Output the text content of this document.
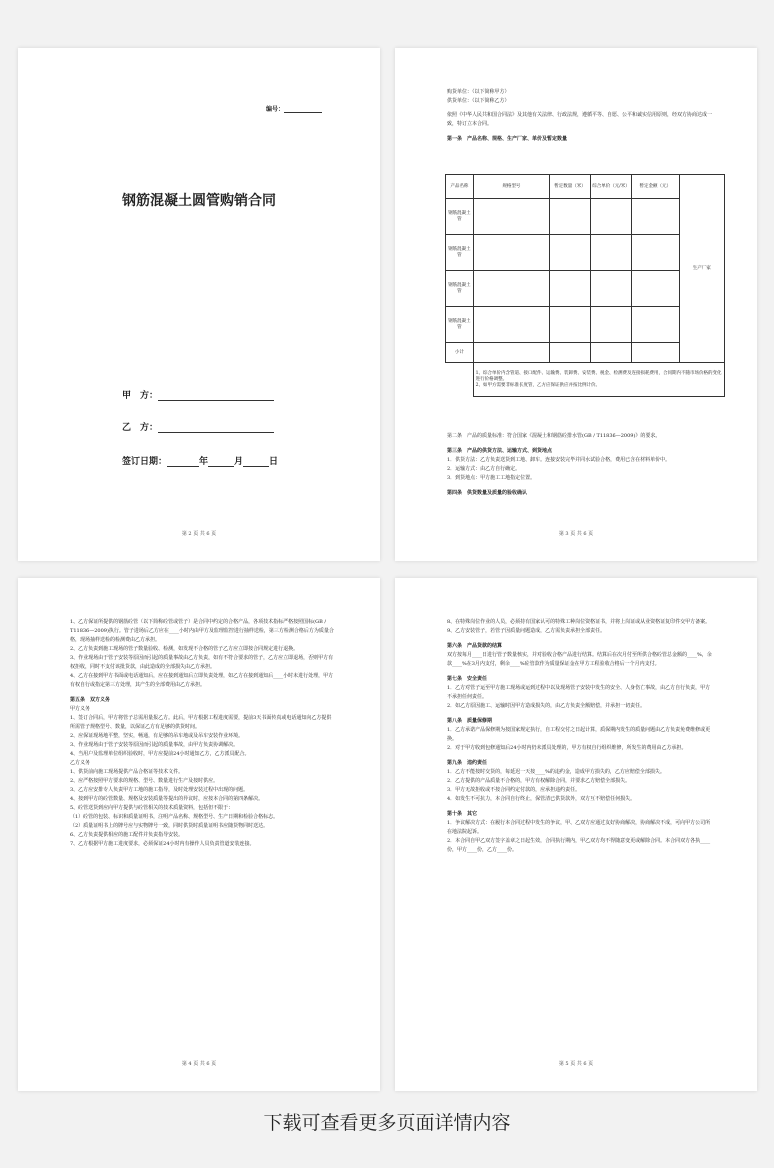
编号：
钢筋混凝土圆管购销合同
甲　方：
乙　方：
签订日期：	年	月	日
第 2 页 共 6 页

购货单位：（以下简称甲方）

供货单位：（以下简称乙方）

依照《中华人民共和国合同法》及其他有关法律、行政法规，遵循平等、自愿、公平和诚实信用原则，经双方协商达成一致，特订立本合同。

第一条　产品名称、规格、生产厂家、单价及暂定数量

产品名称	规格型号	暂定数量（米）	综合单价（元/米）	暂定金额（元）	生产厂家
钢筋混凝土管					
钢筋混凝土管					
钢筋混凝土管					
钢筋混凝土管					
小计					

	1、综合单价内含管道、接口配件、运输费、装卸费、安装费、税金、检测费及连接损耗费用，合同期内不随市场价格的变化进行价格调整。
2、如甲方需要非标准长度管，乙方应保证供应并按比例计价。				

第二条　产品的质量标准：符合国家《混凝土和钢筋砼排水管(GB / T11836—2009)》的要求。

第三条　产品的供货方法、运输方式、到货地点

1．供货方法：乙方负责送货到工地、卸车。连接安装完毕并同水试验合格，费用已含在材料单价中。

2．运输方式：由乙方自行确定。

3．到货地点：甲方施工工地指定位置。

第四条　供货数量及质量的验收确认

第 3 页 共 6 页

1、乙方保证所提供的钢筋砼管（以下简称砼管或管子）是合同中约定的合格产品，各项技术指标严格按照国标(GB / T11836—2009)执行。管子进场后乙方应在____小时内由甲方及监理监控进行抽样送检，第三方检测合格后方为质量合格，现场抽样送检的检测费由乙方承担。

2、乙方负责到施工现场的管子数量验收、检测，如发现不合格的管子乙方应立即按合同规定进行退换。

3、作业现场由于管子安装等原因而引起的质量事故由乙方负责，如有不符合要求的管子，乙方应立即退场，否则甲方有权拒收，同时不支付该批货款，由此造成的全部损失由乙方承担。

4、乙方在接到甲方书面或电话通知后，应在接到通知后立即负责处理，如乙方在接到通知后____小时未进行处理，甲方有权自行或指定第三方处理，其产生的全部费用由乙方承担。

第五条　双方义务

甲方义务

1、签订合同后，甲方将管子总需用量报乙方。此后，甲方根据工程进度需要，提前3天书面传真或电话通知向乙方提供所需管子规格型号、数量，以保证乙方有足够的供货时间。

2、应保证现场地平整，坚实，畅通，有足够的吊车地或及吊车安装作业环境。

3、作业现场由于管子安装等原因而引起的质量事故，由甲方负责协调解决。

4、当用户及监理单位组织验收时，甲方应提前24小时通知乙方，乙方派员配合。

乙方义务

1、供货前向施工现场提供产品合格证等技术文件。

2、应严格按照甲方要求的规格、型号、数量进行生产及按时供应。

3、乙方应安排专人负责甲方工地的施工指导，及时处理安装过程中出现的问题。

4、按到甲方的砼管数量、规格及安装质量等提出的异议时，应按本合同的第四条解决。

5、砼管送货到应向甲方提供与砼管相关的技术质量资料，包括但不限于：

（1）砼管的包装、标识和质量证明书，注明产品名称、规格型号、生产日期和检验合格标志。

（2）质量证明书上的牌号应与实物牌号一致，同时供货时质量证明书应随货物同时送达。

6、乙方负责提供相应的施工配件并负责指导安装。

7、乙方根据甲方施工进度要求，必须保证24小时内有操作人员负责管道安装连接。

第 4 页 共 6 页

8、在特殊岗位作业的人员，必须持有国家认可的特殊工种岗位资格证书，并将上岗证或从业资格证复印件交甲方备案。

9、乙方安装管子，若管子因质量问题造成，乙方需负责承担全部责任。

第六条　产品货款的结算

双方按每月____日进行管子数量核实，并对验收合格产品进行结算。结算后在次月付至所供合格砼管总金额的____%，余款____%在3月内支付，剩余____%砼管款作为质量保证金在甲方工程验收合格后一个月内支付。

第七条　安全责任

1．乙方对管子运至甲方施工现场或运到过程中以及现场管子安装中发生的安全、人身伤亡事故，由乙方自行负责，甲方不承担任何责任。

2．如乙方原因施工、运输时因甲方造成损失的，由乙方负责全额赔偿，并承担一切责任。

第八条　质量保修期

1．乙方承诺产品保修期为按国家规定执行，自工程交付之日起计算，质保期内发生的质量问题由乙方负责免费维修或更换。

2．对于甲方收到包修通知后24小时内仍未派员处理的，甲方有权自行组织维修，所发生的费用由乙方承担。

第九条　违约责任

1．乙方不能按时交货的，每延迟一天按____%的违约金，造成甲方损失的，乙方应赔偿全部损失。

2．乙方提供的产品质量不合格的，甲方有权解除合同，并要求乙方赔偿全部损失。

3．甲方无故拒收或不按合同约定付款的，应承担违约责任。

4．如发生不可抗力，本合同自行终止，保管清已供货款外，双方互不赔偿任何损失。

第十条　其它

1．争议解决方式：在履行本合同过程中发生的争议，甲、乙双方应通过友好协商解决，协商解决不成，可向甲方公司所在地法院起诉。

2．本合同自甲乙双方签字盖章之日起生效，合同执行期内，甲乙双方均不得随意变更或解除合同。本合同双方各执____份，甲方____份，乙方____份。

第 5 页 共 6 页
下载可查看更多页面详情内容
